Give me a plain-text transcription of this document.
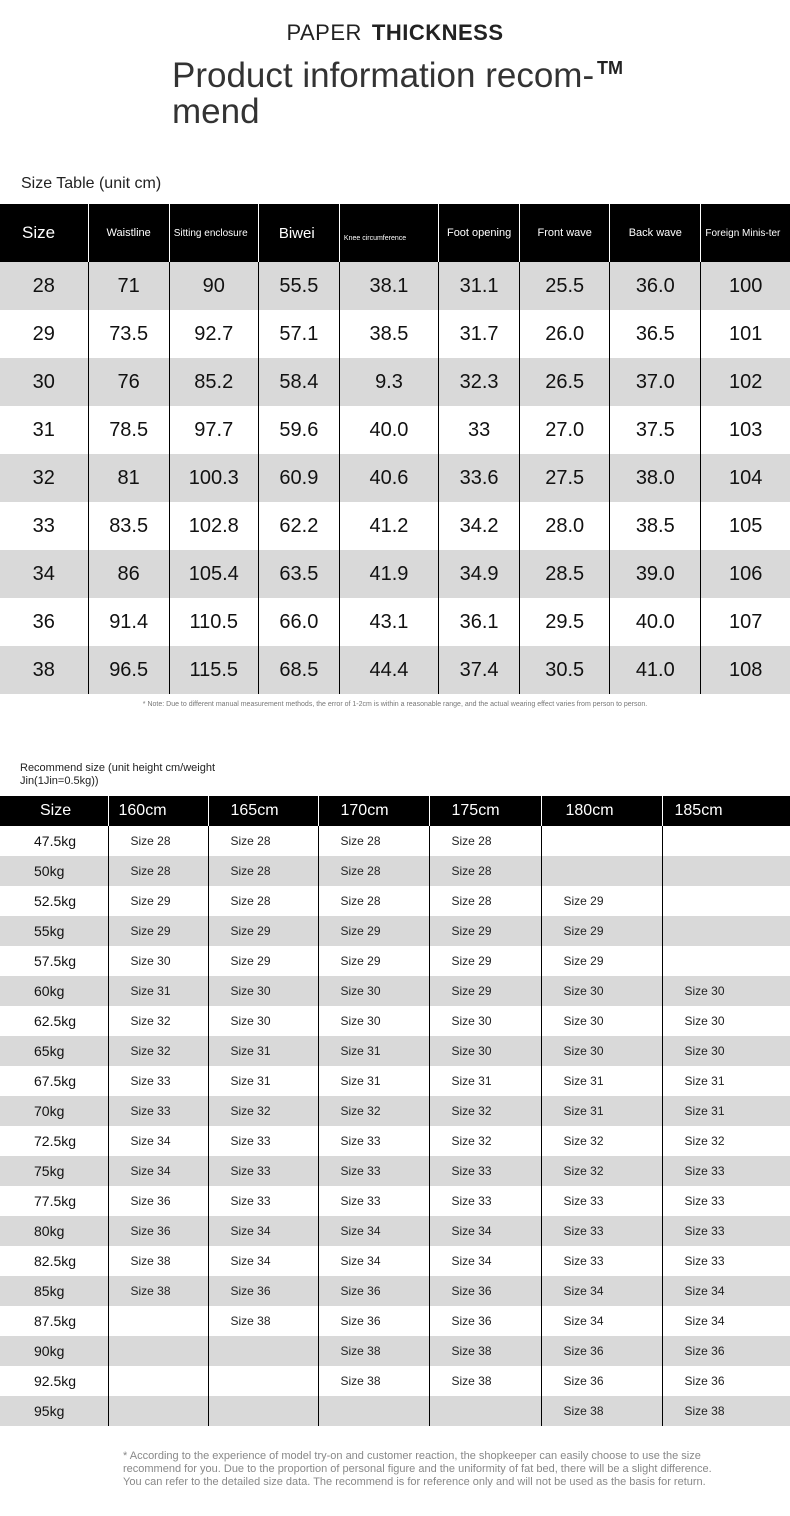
PAPER THICKNESS
Product information recom-mend
TM
Size Table (unit cm)
Size	Waistline	Sitting enclosure	Biwei	Knee circumference	Foot opening	Front wave	Back wave	Foreign Minis-ter
28	71	90	55.5	38.1	31.1	25.5	36.0	100
29	73.5	92.7	57.1	38.5	31.7	26.0	36.5	101
30	76	85.2	58.4	9.3	32.3	26.5	37.0	102
31	78.5	97.7	59.6	40.0	33	27.0	37.5	103
32	81	100.3	60.9	40.6	33.6	27.5	38.0	104
33	83.5	102.8	62.2	41.2	34.2	28.0	38.5	105
34	86	105.4	63.5	41.9	34.9	28.5	39.0	106
36	91.4	110.5	66.0	43.1	36.1	29.5	40.0	107
38	96.5	115.5	68.5	44.4	37.4	30.5	41.0	108
* Note: Due to different manual measurement methods, the error of 1-2cm is within a reasonable range, and the actual wearing effect varies from person to person.
Recommend size (unit height cm/weight Jin(1Jin=0.5kg))
Size	160cm	165cm	170cm	175cm	180cm	185cm
47.5kg	Size 28	Size 28	Size 28	Size 28		
50kg	Size 28	Size 28	Size 28	Size 28		
52.5kg	Size 29	Size 28	Size 28	Size 28	Size 29	
55kg	Size 29	Size 29	Size 29	Size 29	Size 29	
57.5kg	Size 30	Size 29	Size 29	Size 29	Size 29	
60kg	Size 31	Size 30	Size 30	Size 29	Size 30	Size 30
62.5kg	Size 32	Size 30	Size 30	Size 30	Size 30	Size 30
65kg	Size 32	Size 31	Size 31	Size 30	Size 30	Size 30
67.5kg	Size 33	Size 31	Size 31	Size 31	Size 31	Size 31
70kg	Size 33	Size 32	Size 32	Size 32	Size 31	Size 31
72.5kg	Size 34	Size 33	Size 33	Size 32	Size 32	Size 32
75kg	Size 34	Size 33	Size 33	Size 33	Size 32	Size 33
77.5kg	Size 36	Size 33	Size 33	Size 33	Size 33	Size 33
80kg	Size 36	Size 34	Size 34	Size 34	Size 33	Size 33
82.5kg	Size 38	Size 34	Size 34	Size 34	Size 33	Size 33
85kg	Size 38	Size 36	Size 36	Size 36	Size 34	Size 34
87.5kg		Size 38	Size 36	Size 36	Size 34	Size 34
90kg			Size 38	Size 38	Size 36	Size 36
92.5kg			Size 38	Size 38	Size 36	Size 36
95kg					Size 38	Size 38
* According to the experience of model try-on and customer reaction, the shopkeeper can easily choose to use the size recommend for you. Due to the proportion of personal figure and the uniformity of fat bed, there will be a slight difference. You can refer to the detailed size data. The recommend is for reference only and will not be used as the basis for return.
